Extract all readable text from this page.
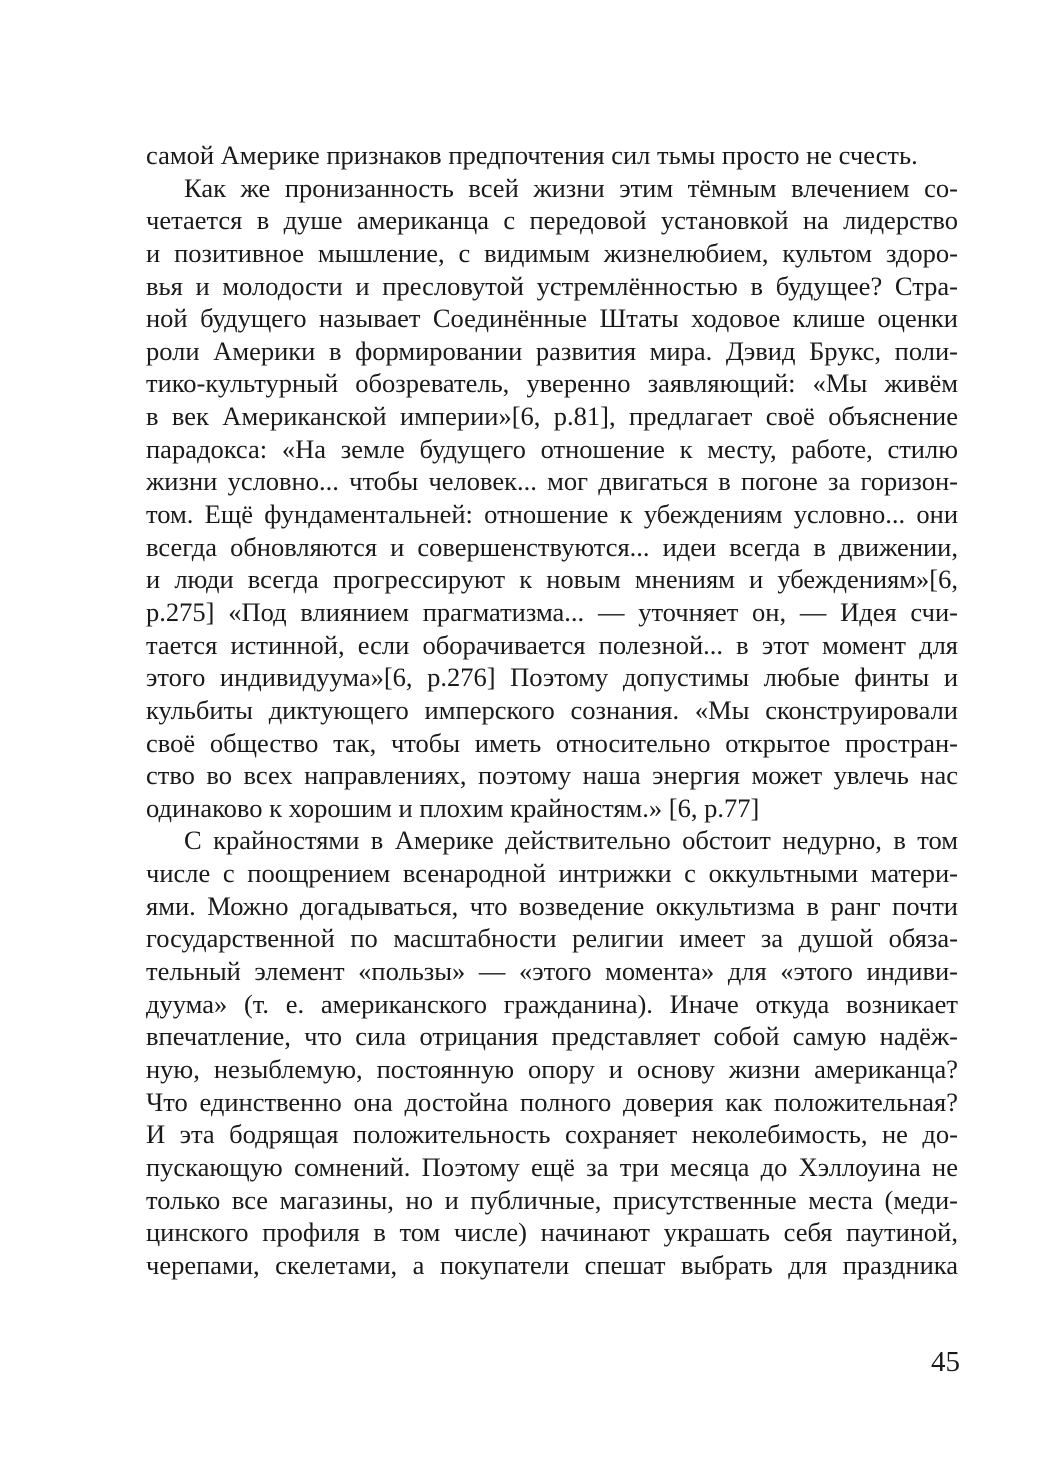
самой Америке признаков предпочтения сил тьмы просто не счесть.
Как же пронизанность всей жизни этим тёмным влечением со-
четается в душе американца с передовой установкой на лидерство
и позитивное мышление, с видимым жизнелюбием, культом здоро-
вья и молодости и пресловутой устремлённостью в будущее? Стра-
ной будущего называет Соединённые Штаты ходовое клише оценки
роли Америки в формировании развития мира. Дэвид Брукс, поли-
тико-культурный обозреватель, уверенно заявляющий: «Мы живём
в век Американской империи»[6, p.81], предлагает своё объяснение
парадокса: «На земле будущего отношение к месту, работе, стилю
жизни условно... чтобы человек... мог двигаться в погоне за горизон-
том. Ещё фундаментальней: отношение к убеждениям условно... они
всегда обновляются и совершенствуются... идеи всегда в движении,
и люди всегда прогрессируют к новым мнениям и убеждениям»[6,
p.275] «Под влиянием прагматизма... — уточняет он, — Идея счи-
тается истинной, если оборачивается полезной... в этот момент для
этого индивидуума»[6, p.276] Поэтому допустимы любые финты и
кульбиты диктующего имперского сознания. «Мы сконструировали
своё общество так, чтобы иметь относительно открытое простран-
ство во всех направлениях, поэтому наша энергия может увлечь нас
одинаково к хорошим и плохим крайностям.» [6, p.77]
С крайностями в Америке действительно обстоит недурно, в том
числе с поощрением всенародной интрижки с оккультными матери-
ями. Можно догадываться, что возведение оккультизма в ранг почти
государственной по масштабности религии имеет за душой обяза-
тельный элемент «пользы» — «этого момента» для «этого индиви-
дуума» (т. е. американского гражданина). Иначе откуда возникает
впечатление, что сила отрицания представляет собой самую надёж-
ную, незыблемую, постоянную опору и основу жизни американца?
Что единственно она достойна полного доверия как положительная?
И эта бодрящая положительность сохраняет неколебимость, не до-
пускающую сомнений. Поэтому ещё за три месяца до Хэллоуина не
только все магазины, но и публичные, присутственные места (меди-
цинского профиля в том числе) начинают украшать себя паутиной,
черепами, скелетами, а покупатели спешат выбрать для праздника
45
